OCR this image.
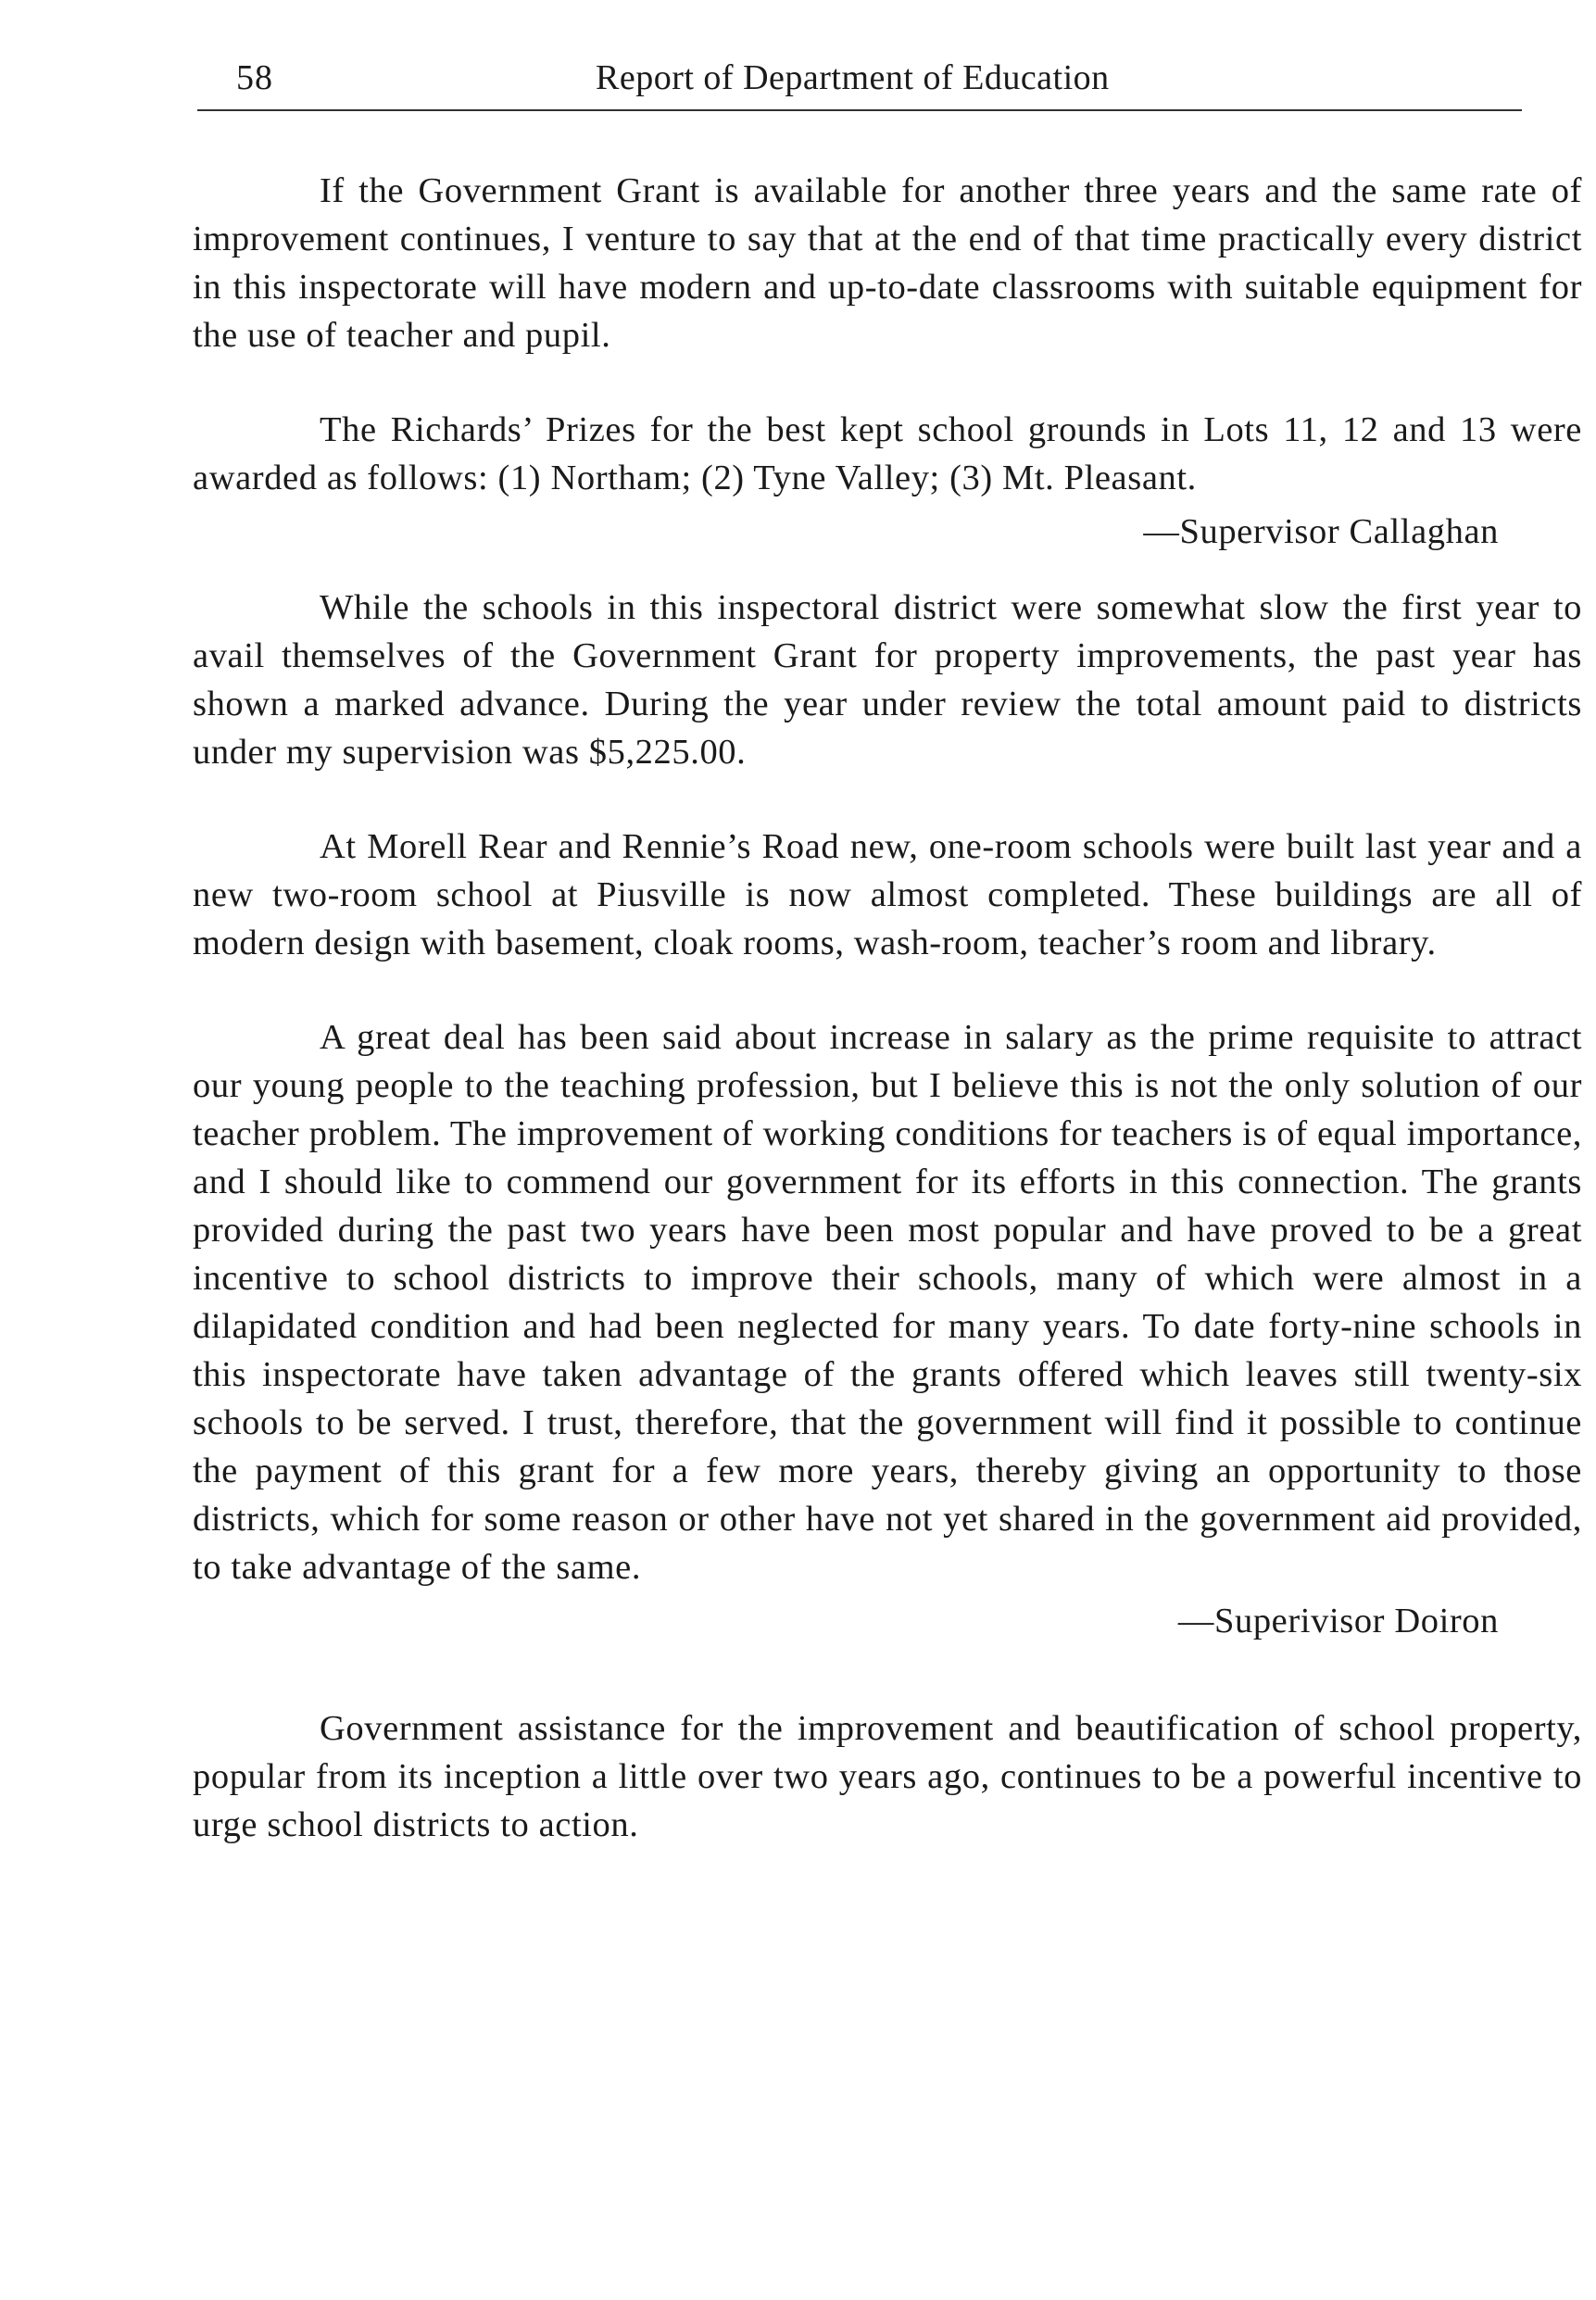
58	Report of Department of Education

If the Government Grant is available for another three years and the same rate of improvement continues, I venture to say that at the end of that time practically every district in this inspectorate will have modern and up-to-date classrooms with suitable equipment for the use of teacher and pupil.

The Richards’ Prizes for the best kept school grounds in Lots 11, 12 and 13 were awarded as follows: (1) Northam; (2) Tyne Valley; (3) Mt. Pleasant.

—Supervisor Callaghan

While the schools in this inspectoral district were somewhat slow the first year to avail themselves of the Government Grant for property improvements, the past year has shown a marked advance. During the year under review the total amount paid to districts under my supervision was $5,225.00.

At Morell Rear and Rennie’s Road new, one-room schools were built last year and a new two-room school at Piusville is now almost completed. These buildings are all of modern design with basement, cloak rooms, wash-room, teacher’s room and library.

A great deal has been said about increase in salary as the prime requisite to attract our young people to the teaching profession, but I believe this is not the only solution of our teacher problem. The improvement of working conditions for teachers is of equal importance, and I should like to commend our government for its efforts in this connection. The grants provided during the past two years have been most popular and have proved to be a great incentive to school districts to improve their schools, many of which were almost in a dilapidated condition and had been neglected for many years. To date forty-nine schools in this inspectorate have taken advantage of the grants offered which leaves still twenty-six schools to be served. I trust, therefore, that the government will find it possible to continue the payment of this grant for a few more years, thereby giving an opportunity to those districts, which for some reason or other have not yet shared in the government aid provided, to take advantage of the same.

—Superivisor Doiron

Government assistance for the improvement and beautification of school property, popular from its inception a little over two years ago, continues to be a powerful incentive to urge school districts to action.
